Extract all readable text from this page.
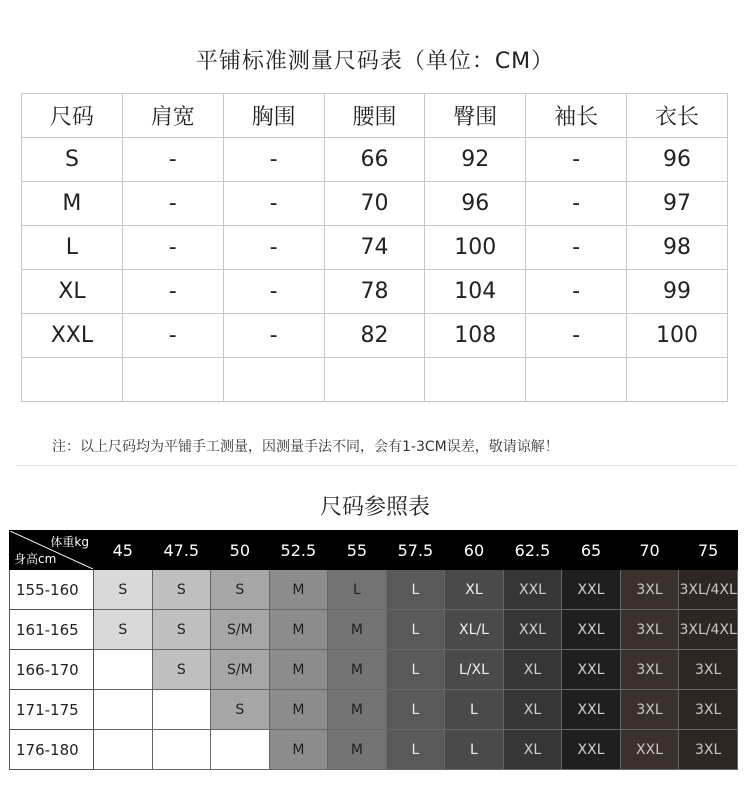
平铺标准测量尺码表（单位：CM）
尺码	肩宽	胸围	腰围	臀围	袖长	衣长
S	-	-	66	92	-	96
M	-	-	70	96	-	97
L	-	-	74	100	-	98
XL	-	-	78	104	-	99
XXL	-	-	82	108	-	100

注：以上尺码均为平铺手工测量，因测量手法不同，会有1-3CM误差，敬请谅解！
尺码参照表
体重kg
身高cm	45	47.5	50	52.5	55	57.5	60	62.5	65	70	75
155-160	S	S	S	M	L	L	XL	XXL	XXL	3XL	3XL/4XL
161-165	S	S	S/M	M	M	L	XL/L	XXL	XXL	3XL	3XL/4XL
166-170		S	S/M	M	M	L	L/XL	XL	XXL	3XL	3XL
171-175			S	M	M	L	L	XL	XXL	3XL	3XL
176-180				M	M	L	L	XL	XXL	XXL	3XL
